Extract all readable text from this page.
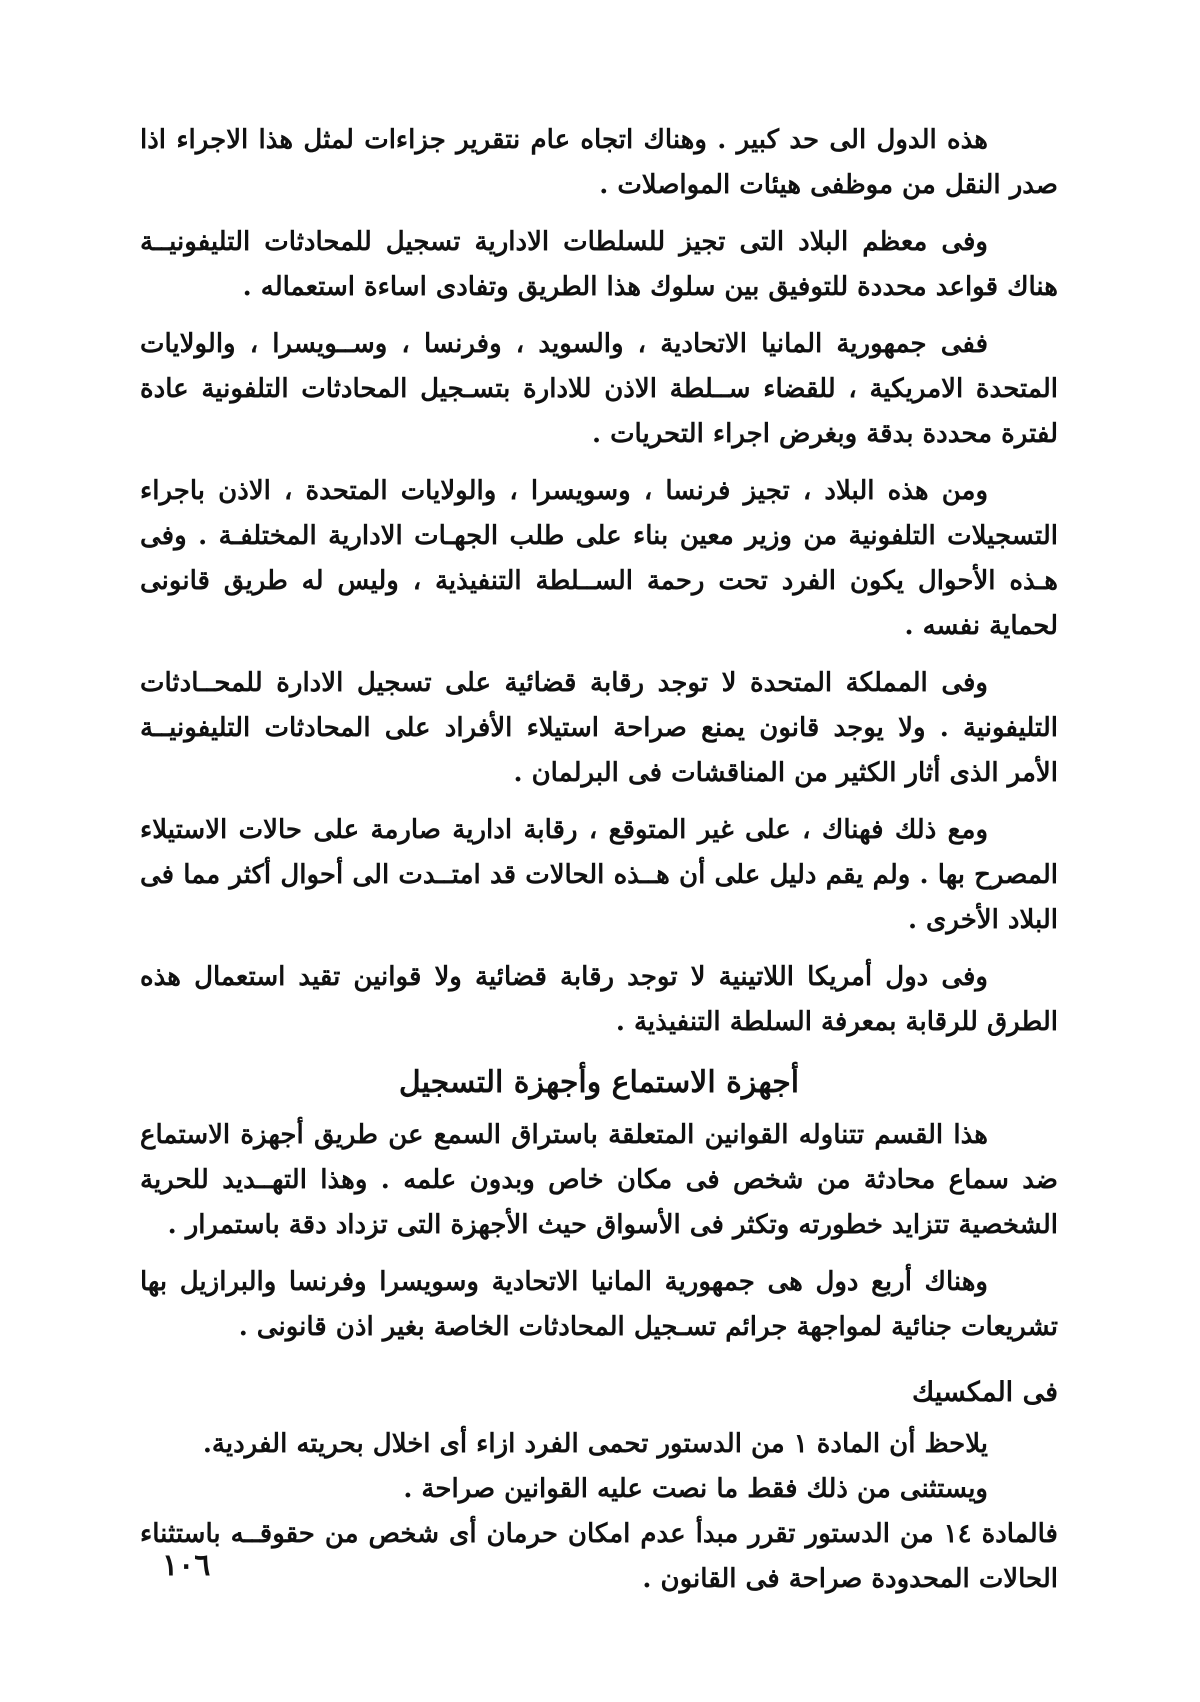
هذه الدول الى حد كبير . وهناك اتجاه عام نتقرير جزاءات لمثل هذا الاجراء اذا صدر النقل من موظفى هيئات المواصلات .

وفى معظم البلاد التى تجيز للسلطات الادارية تسجيل للمحادثات التليفونيــة هناك قواعد محددة للتوفيق بين سلوك هذا الطريق وتفادى اساءة استعماله .

ففى جمهورية المانيا الاتحادية ، والسويد ، وفرنسا ، وســويسرا ، والولايات المتحدة الامريكية ، للقضاء ســلطة الاذن للادارة بتسـجيل المحادثات التلفونية عادة لفترة محددة بدقة وبغرض اجراء التحريات .

ومن هذه البلاد ، تجيز فرنسا ، وسويسرا ، والولايات المتحدة ، الاذن باجراء التسجيلات التلفونية من وزير معين بناء على طلب الجهـات الادارية المختلفـة . وفى هـذه الأحوال يكون الفرد تحت رحمة الســلطة التنفيذية ، وليس له طريق قانونى لحماية نفسه .

وفى المملكة المتحدة لا توجد رقابة قضائية على تسجيل الادارة للمحــادثات التليفونية . ولا يوجد قانون يمنع صراحة استيلاء الأفراد على المحادثات التليفونيــة الأمر الذى أثار الكثير من المناقشات فى البرلمان .

ومع ذلك فهناك ، على غير المتوقع ، رقابة ادارية صارمة على حالات الاستيلاء المصرح بها . ولم يقم دليل على أن هــذه الحالات قد امتــدت الى أحوال أكثر مما فى البلاد الأخرى .

وفى دول أمريكا اللاتينية لا توجد رقابة قضائية ولا قوانين تقيد استعمال هذه الطرق للرقابة بمعرفة السلطة التنفيذية .

أجهزة الاستماع وأجهزة التسجيل

هذا القسم تتناوله القوانين المتعلقة باستراق السمع عن طريق أجهزة الاستماع ضد سماع محادثة من شخص فى مكان خاص وبدون علمه . وهذا التهــديد للحرية الشخصية تتزايد خطورته وتكثر فى الأسواق حيث الأجهزة التى تزداد دقة باستمرار .

وهناك أربع دول هى جمهورية المانيا الاتحادية وسويسرا وفرنسا والبرازيل بها تشريعات جنائية لمواجهة جرائم تسـجيل المحادثات الخاصة بغير اذن قانونى .

فى المكسيك

يلاحظ أن المادة ١ من الدستور تحمى الفرد ازاء أى اخلال بحريته الفردية.

ويستثنى من ذلك فقط ما نصت عليه القوانين صراحة .

فالمادة ١٤ من الدستور تقرر مبدأ عدم امكان حرمان أى شخص من حقوقــه باستثناء الحالات المحدودة صراحة فى القانون .

١٠٦
